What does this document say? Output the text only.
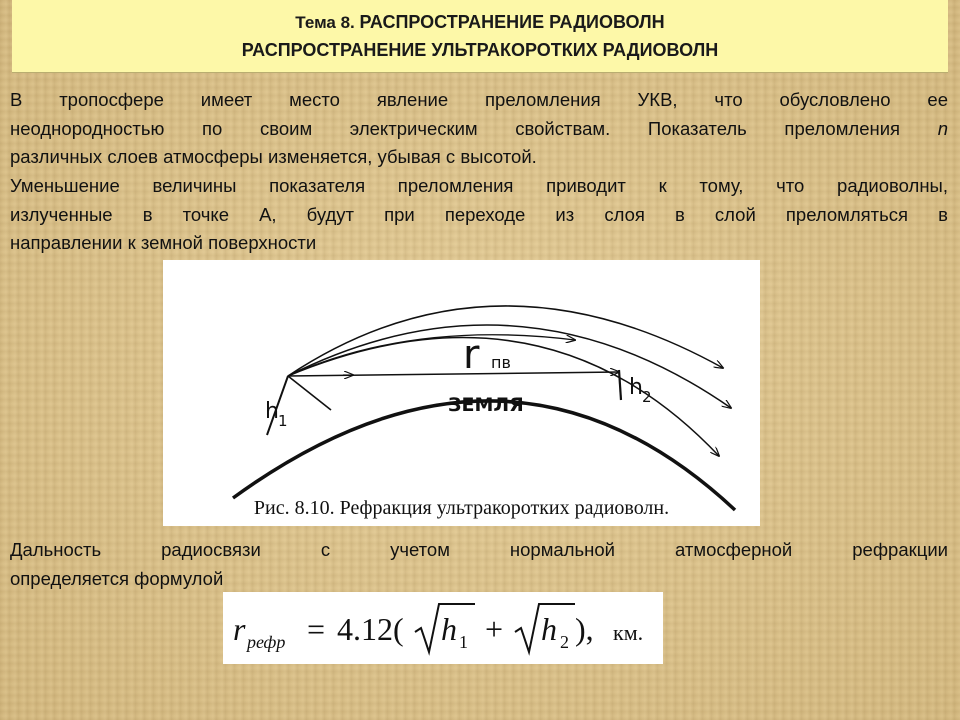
Тема 8. РАСПРОСТРАНЕНИЕ РАДИОВОЛН
РАСПРОСТРАНЕНИЕ УЛЬТРАКОРОТКИХ РАДИОВОЛН
В тропосфере имеет место явление преломления УКВ, что обусловлено ее
неоднородностью по своим электрическим свойствам. Показатель преломления n
различных слоев атмосферы изменяется, убывая с высотой.
Уменьшение величины показателя преломления приводит к тому, что радиоволны,
излученные в точке А, будут при переходе из слоя в слой преломляться в
направлении к земной поверхности
r пв
h 1
h 2
ЗЕМЛЯ
Рис. 8.10. Рефракция ультракоротких радиоволн.
Дальность радиосвязи с учетом нормальной атмосферной рефракции
определяется формулой
r рефр = 4.12( h 1 + h 2 ), км.
